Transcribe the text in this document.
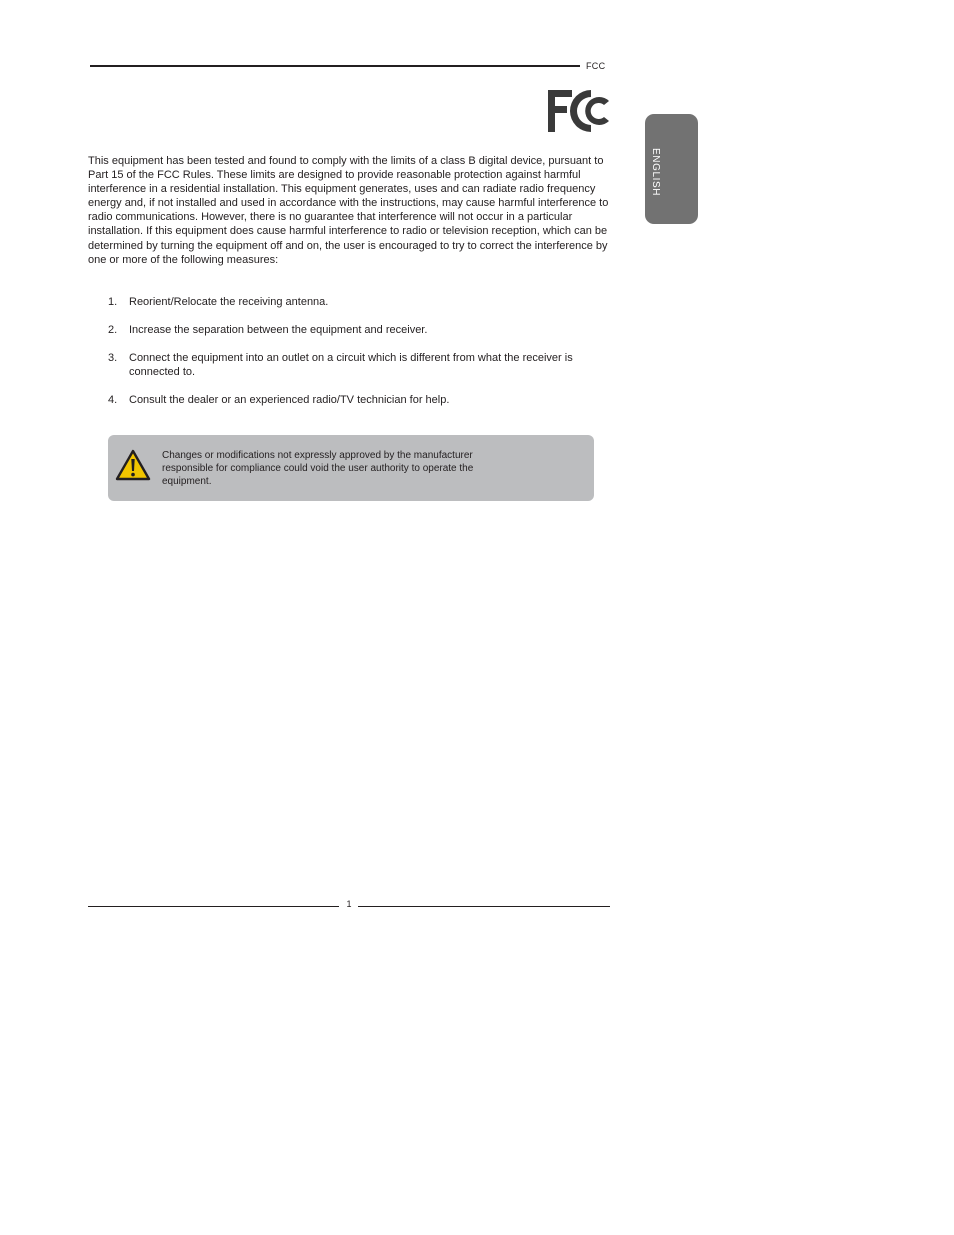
FCC
ENGLISH

This equipment has been tested and found to comply with the limits of a class B digital device, pursuant to Part 15 of the FCC Rules. These limits are designed to provide reasonable protection against harmful interference in a residential installation. This equipment generates, uses and can radiate radio frequency energy and, if not installed and used in accordance with the instructions, may cause harmful interference to radio communications. However, there is no guarantee that interference will not occur in a particular installation. If this equipment does cause harmful interference to radio or television reception, which can be determined by turning the equipment off and on, the user is encouraged to try to correct the interference by one or more of the following measures:

1. Reorient/Relocate the receiving antenna.
2. Increase the separation between the equipment and receiver.
3. Connect the equipment into an outlet on a circuit which is different from what the receiver is connected to.
4. Consult the dealer or an experienced radio/TV technician for help.
Changes or modifications not expressly approved by the manufacturer responsible for compliance could void the user authority to operate the equipment.
1
